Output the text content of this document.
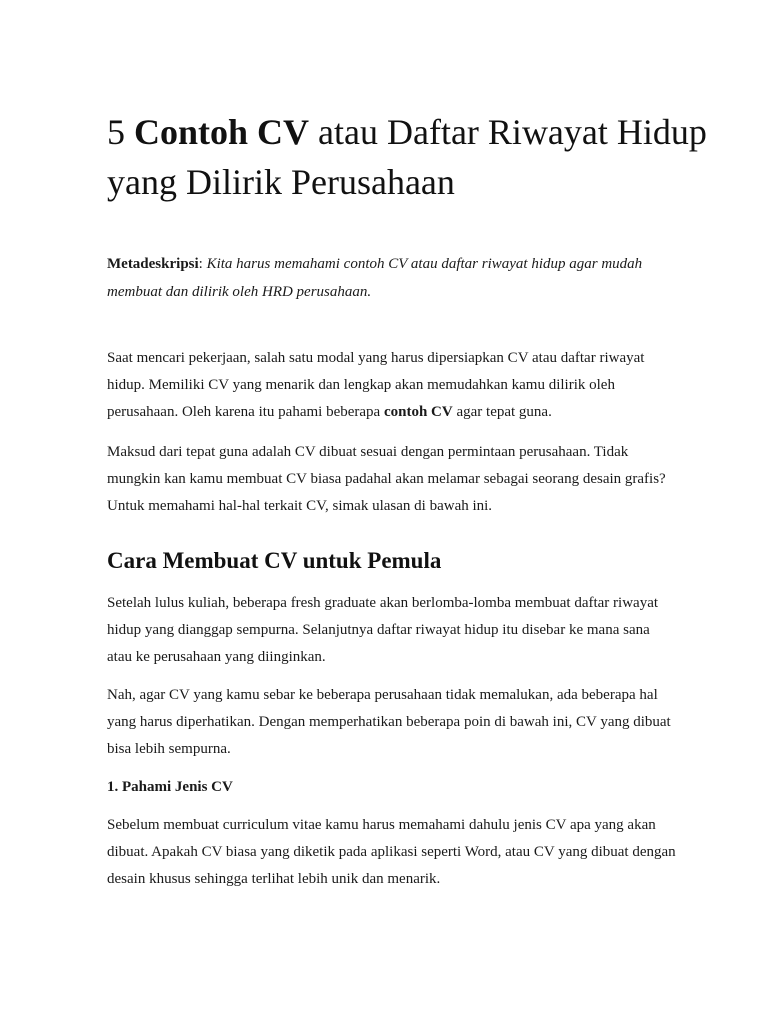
5 Contoh CV atau Daftar Riwayat Hidup yang Dilirik Perusahaan

Metadeskripsi: Kita harus memahami contoh CV atau daftar riwayat hidup agar mudah membuat dan dilirik oleh HRD perusahaan.

Saat mencari pekerjaan, salah satu modal yang harus dipersiapkan CV atau daftar riwayat hidup. Memiliki CV yang menarik dan lengkap akan memudahkan kamu dilirik oleh perusahaan. Oleh karena itu pahami beberapa contoh CV agar tepat guna.

Maksud dari tepat guna adalah CV dibuat sesuai dengan permintaan perusahaan. Tidak mungkin kan kamu membuat CV biasa padahal akan melamar sebagai seorang desain grafis? Untuk memahami hal-hal terkait CV, simak ulasan di bawah ini.

Cara Membuat CV untuk Pemula

Setelah lulus kuliah, beberapa fresh graduate akan berlomba-lomba membuat daftar riwayat hidup yang dianggap sempurna. Selanjutnya daftar riwayat hidup itu disebar ke mana sana atau ke perusahaan yang diinginkan.

Nah, agar CV yang kamu sebar ke beberapa perusahaan tidak memalukan, ada beberapa hal yang harus diperhatikan. Dengan memperhatikan beberapa poin di bawah ini, CV yang dibuat bisa lebih sempurna.

1. Pahami Jenis CV

Sebelum membuat curriculum vitae kamu harus memahami dahulu jenis CV apa yang akan dibuat. Apakah CV biasa yang diketik pada aplikasi seperti Word, atau CV yang dibuat dengan desain khusus sehingga terlihat lebih unik dan menarik.
